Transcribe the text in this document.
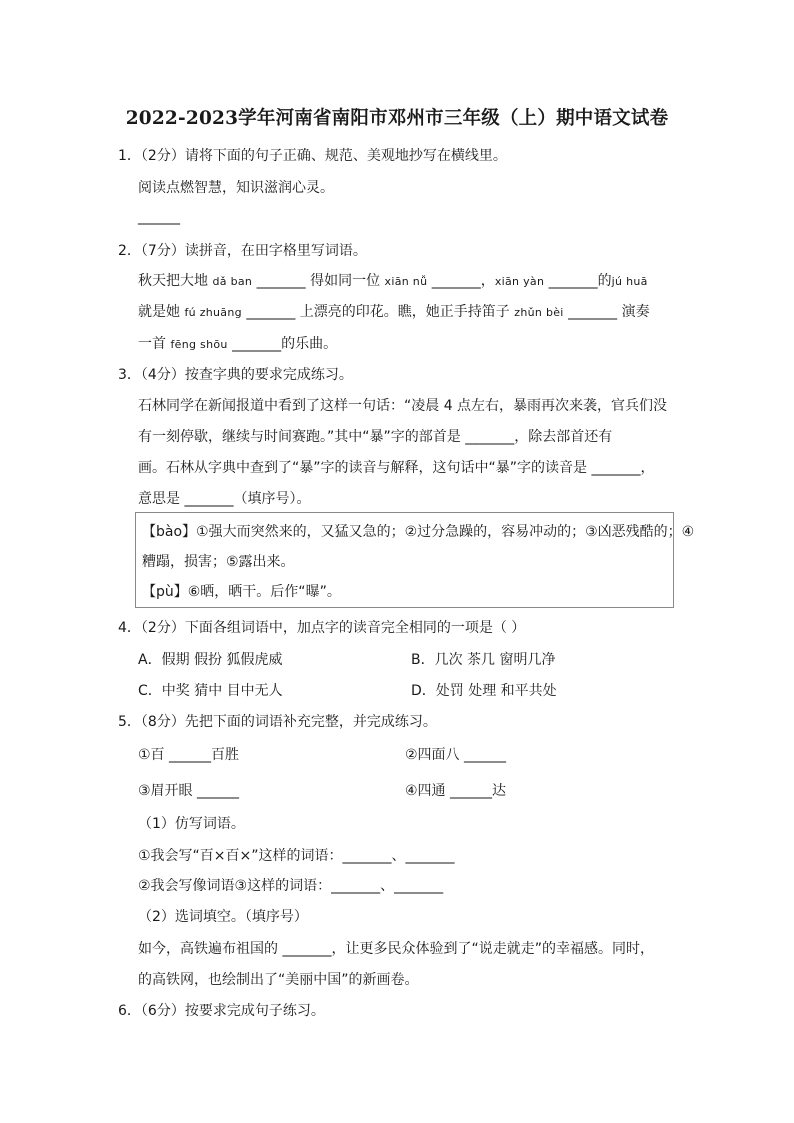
2022-2023学年河南省南阳市邓州市三年级（上）期中语文试卷
1．（2分）请将下面的句子正确、规范、美观地抄写在横线里。
阅读点燃智慧，知识滋润心灵。
______
2．（7分）读拼音，在田字格里写词语。
秋天把大地 dǎ ban _______ 得如同一位 xiān nǚ _______，xiān yàn _______的jú huā
就是她 fú zhuāng _______ 上漂亮的印花。瞧，她正手持笛子 zhǔn bèi _______ 演奏
一首 fēng shōu _______的乐曲。
3．（4分）按查字典的要求完成练习。
石林同学在新闻报道中看到了这样一句话：“凌晨 4 点左右，暴雨再次来袭，官兵们没
有一刻停歇，继续与时间赛跑。”其中“暴”字的部首是 _______，除去部首还有
画。石林从字典中查到了“暴”字的读音与解释，这句话中“暴”字的读音是 _______，
意思是 _______（填序号）。
【bào】①强大而突然来的，又猛又急的；②过分急躁的，容易冲动的；③凶恶残酷的；④
糟蹋，损害；⑤露出来。
【pù】⑥晒，晒干。后作“曝”。
4．（2分）下面各组词语中，加点字的读音完全相同的一项是（ ）
A．假期 假扮 狐假虎威	B．几次 茶几 窗明几净
C．中奖 猜中 目中无人	D．处罚 处理 和平共处
5．（8分）先把下面的词语补充完整，并完成练习。
①百 ______百胜	②四面八 ______
③眉开眼 ______	④四通 ______达
（1）仿写词语。
①我会写“百×百×”这样的词语：_______、_______
②我会写像词语③这样的词语：_______、_______
（2）选词填空。（填序号）
如今，高铁遍布祖国的 _______，让更多民众体验到了“说走就走”的幸福感。同时，
的高铁网，也绘制出了“美丽中国”的新画卷。
6．（6分）按要求完成句子练习。
